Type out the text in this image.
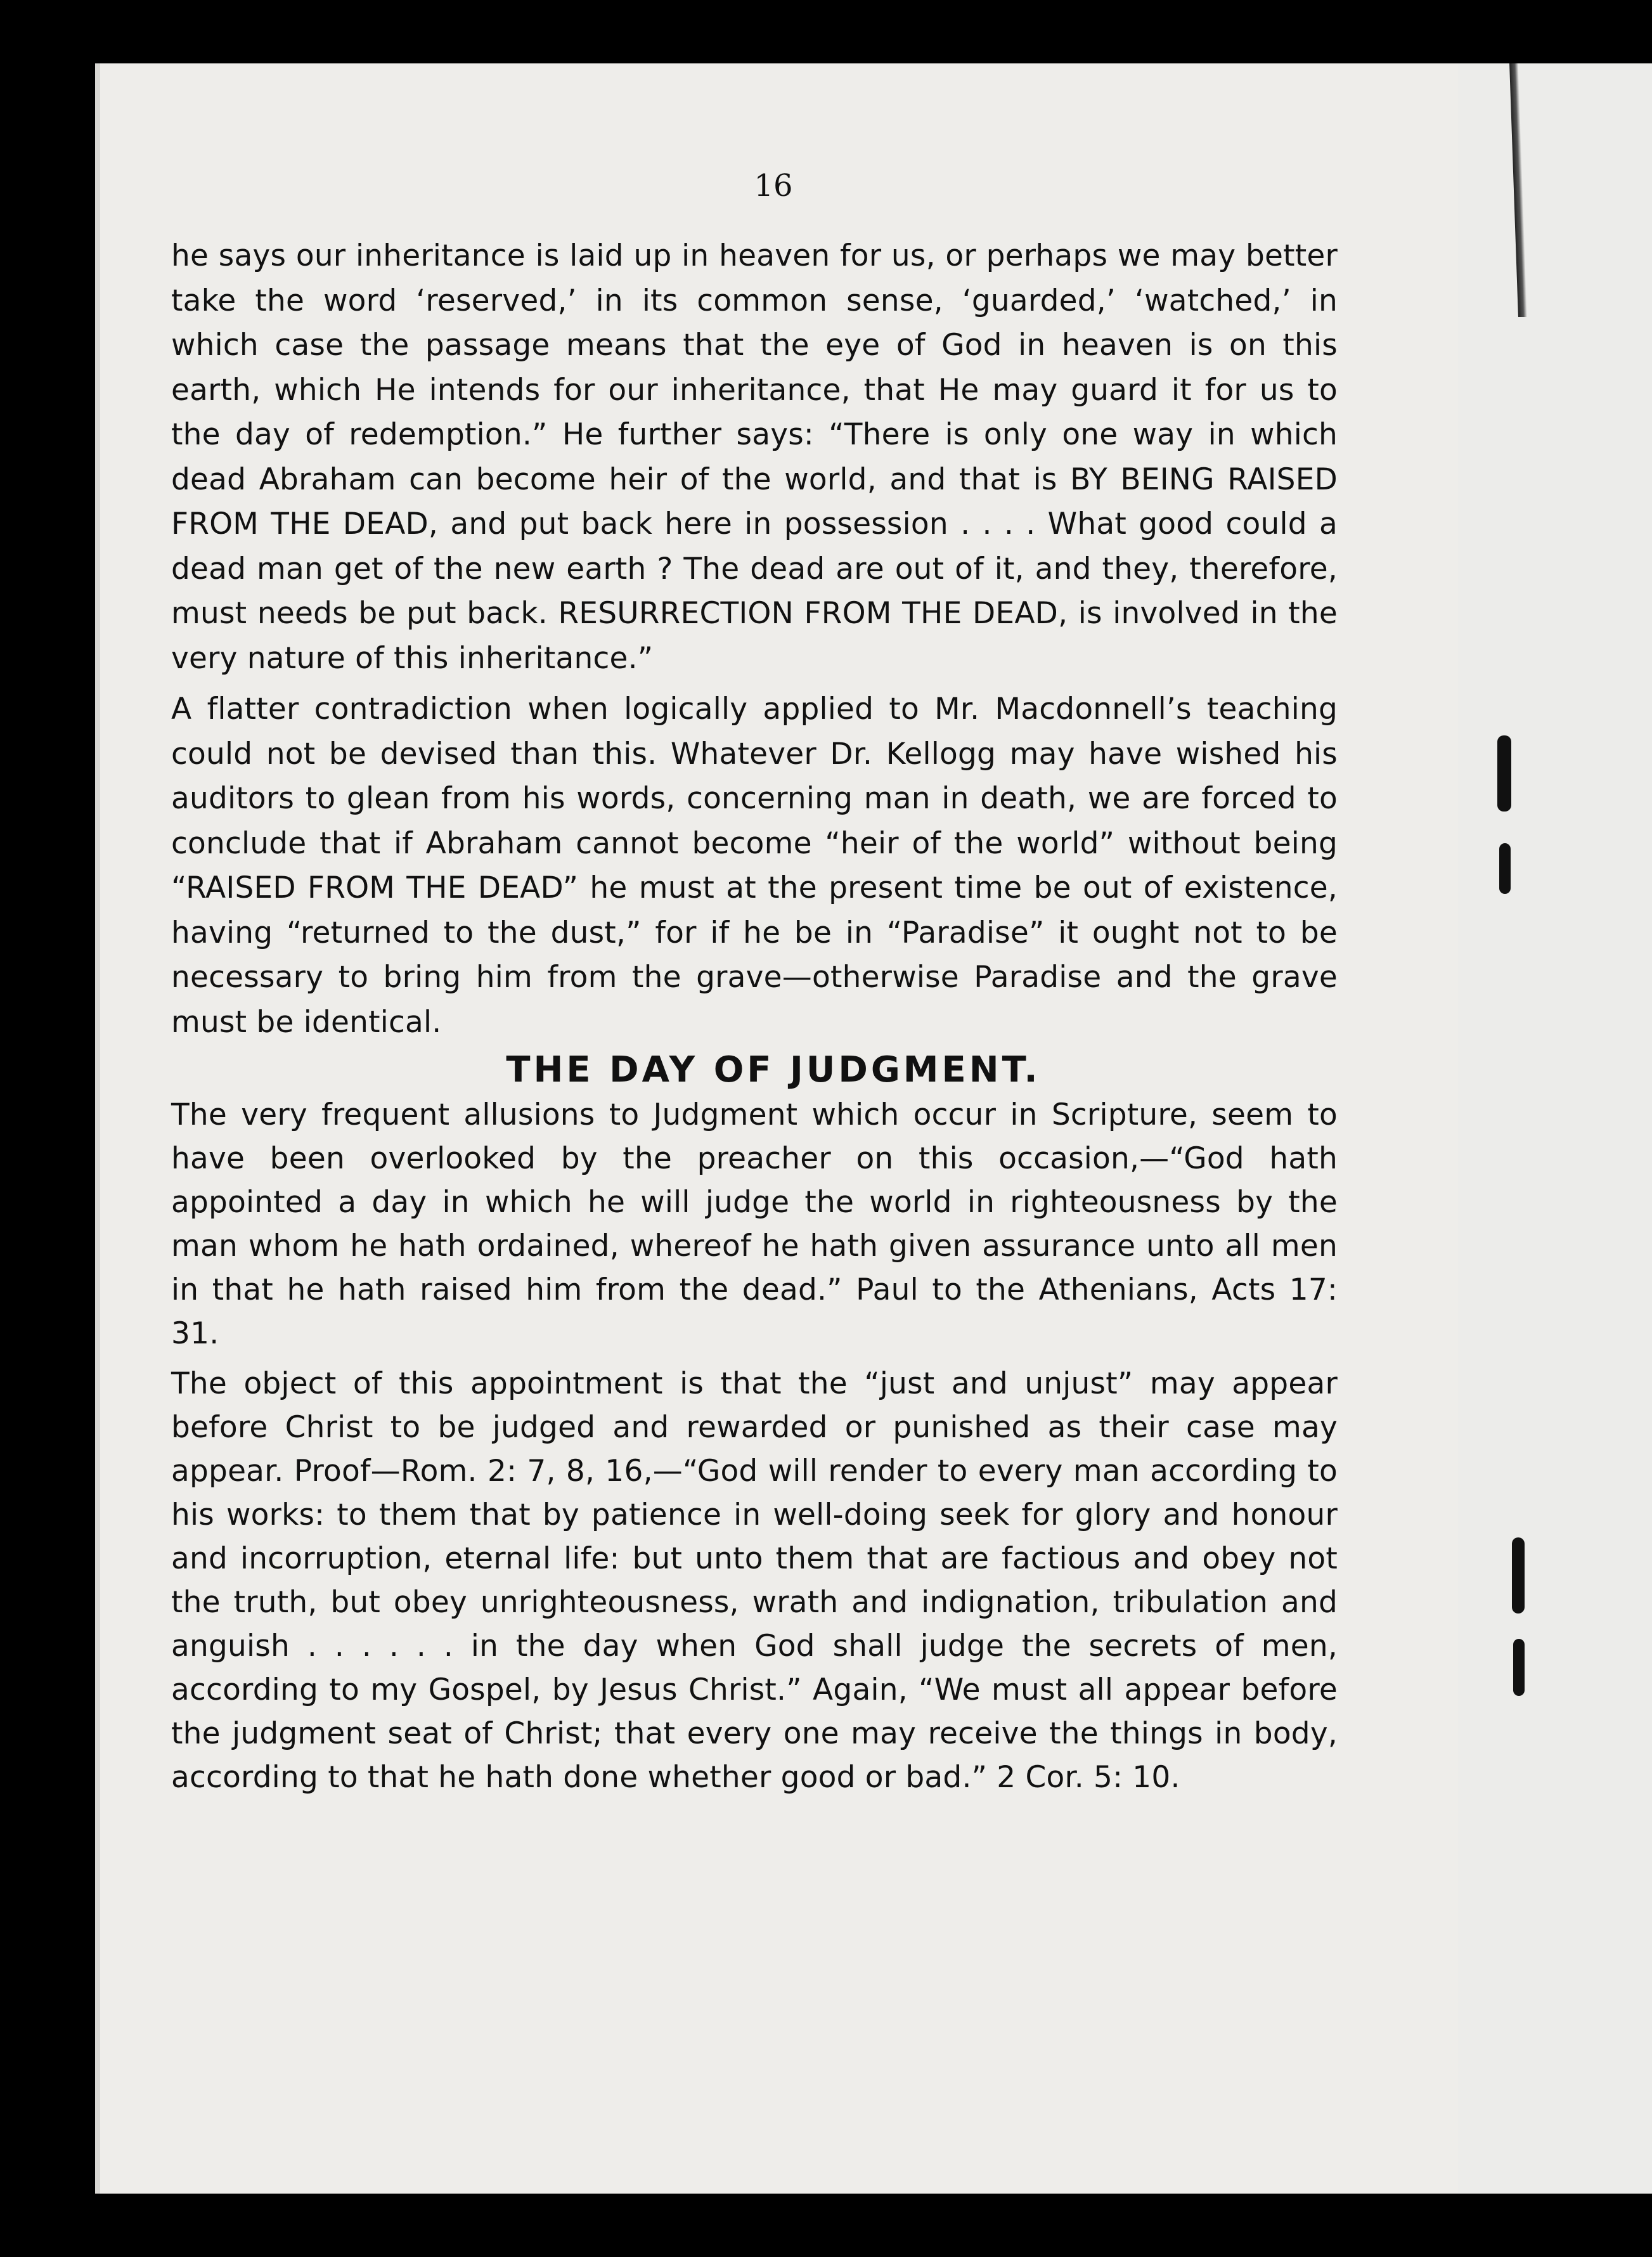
16

he says our inheritance is laid up in heaven for us, or perhaps we may better take the word ‘reserved,’ in its common sense, ‘guarded,’ ‘watched,’ in which case the passage means that the eye of God in heaven is on this earth, which He intends for our inheritance, that He may guard it for us to the day of redemption.” He further says: “There is only one way in which dead Abraham can become heir of the world, and that is BY BEING RAISED FROM THE DEAD, and put back here in possession . . . . What good could a dead man get of the new earth ? The dead are out of it, and they, therefore, must needs be put back. RESURRECTION FROM THE DEAD, is involved in the very nature of this inheritance.”

A flatter contradiction when logically applied to Mr. Macdonnell’s teaching could not be devised than this. Whatever Dr. Kellogg may have wished his auditors to glean from his words, concerning man in death, we are forced to conclude that if Abraham cannot become “heir of the world” without being “RAISED FROM THE DEAD” he must at the present time be out of existence, having “returned to the dust,” for if he be in “Paradise” it ought not to be necessary to bring him from the grave—otherwise Paradise and the grave must be identical.

THE DAY OF JUDGMENT.

The very frequent allusions to Judgment which occur in Scripture, seem to have been overlooked by the preacher on this occasion,—“God hath appointed a day in which he will judge the world in righteousness by the man whom he hath ordained, whereof he hath given assurance unto all men in that he hath raised him from the dead.” Paul to the Athenians, Acts 17: 31.

The object of this appointment is that the “just and unjust” may appear before Christ to be judged and rewarded or punished as their case may appear. Proof—Rom. 2: 7, 8, 16,—“God will render to every man according to his works: to them that by patience in well-doing seek for glory and honour and incorruption, eternal life: but unto them that are factious and obey not the truth, but obey unrighteousness, wrath and indignation, tribulation and anguish . . . . . . in the day when God shall judge the secrets of men, according to my Gospel, by Jesus Christ.” Again, “We must all appear before the judgment seat of Christ; that every one may receive the things in body, according to that he hath done whether good or bad.” 2 Cor. 5: 10.
